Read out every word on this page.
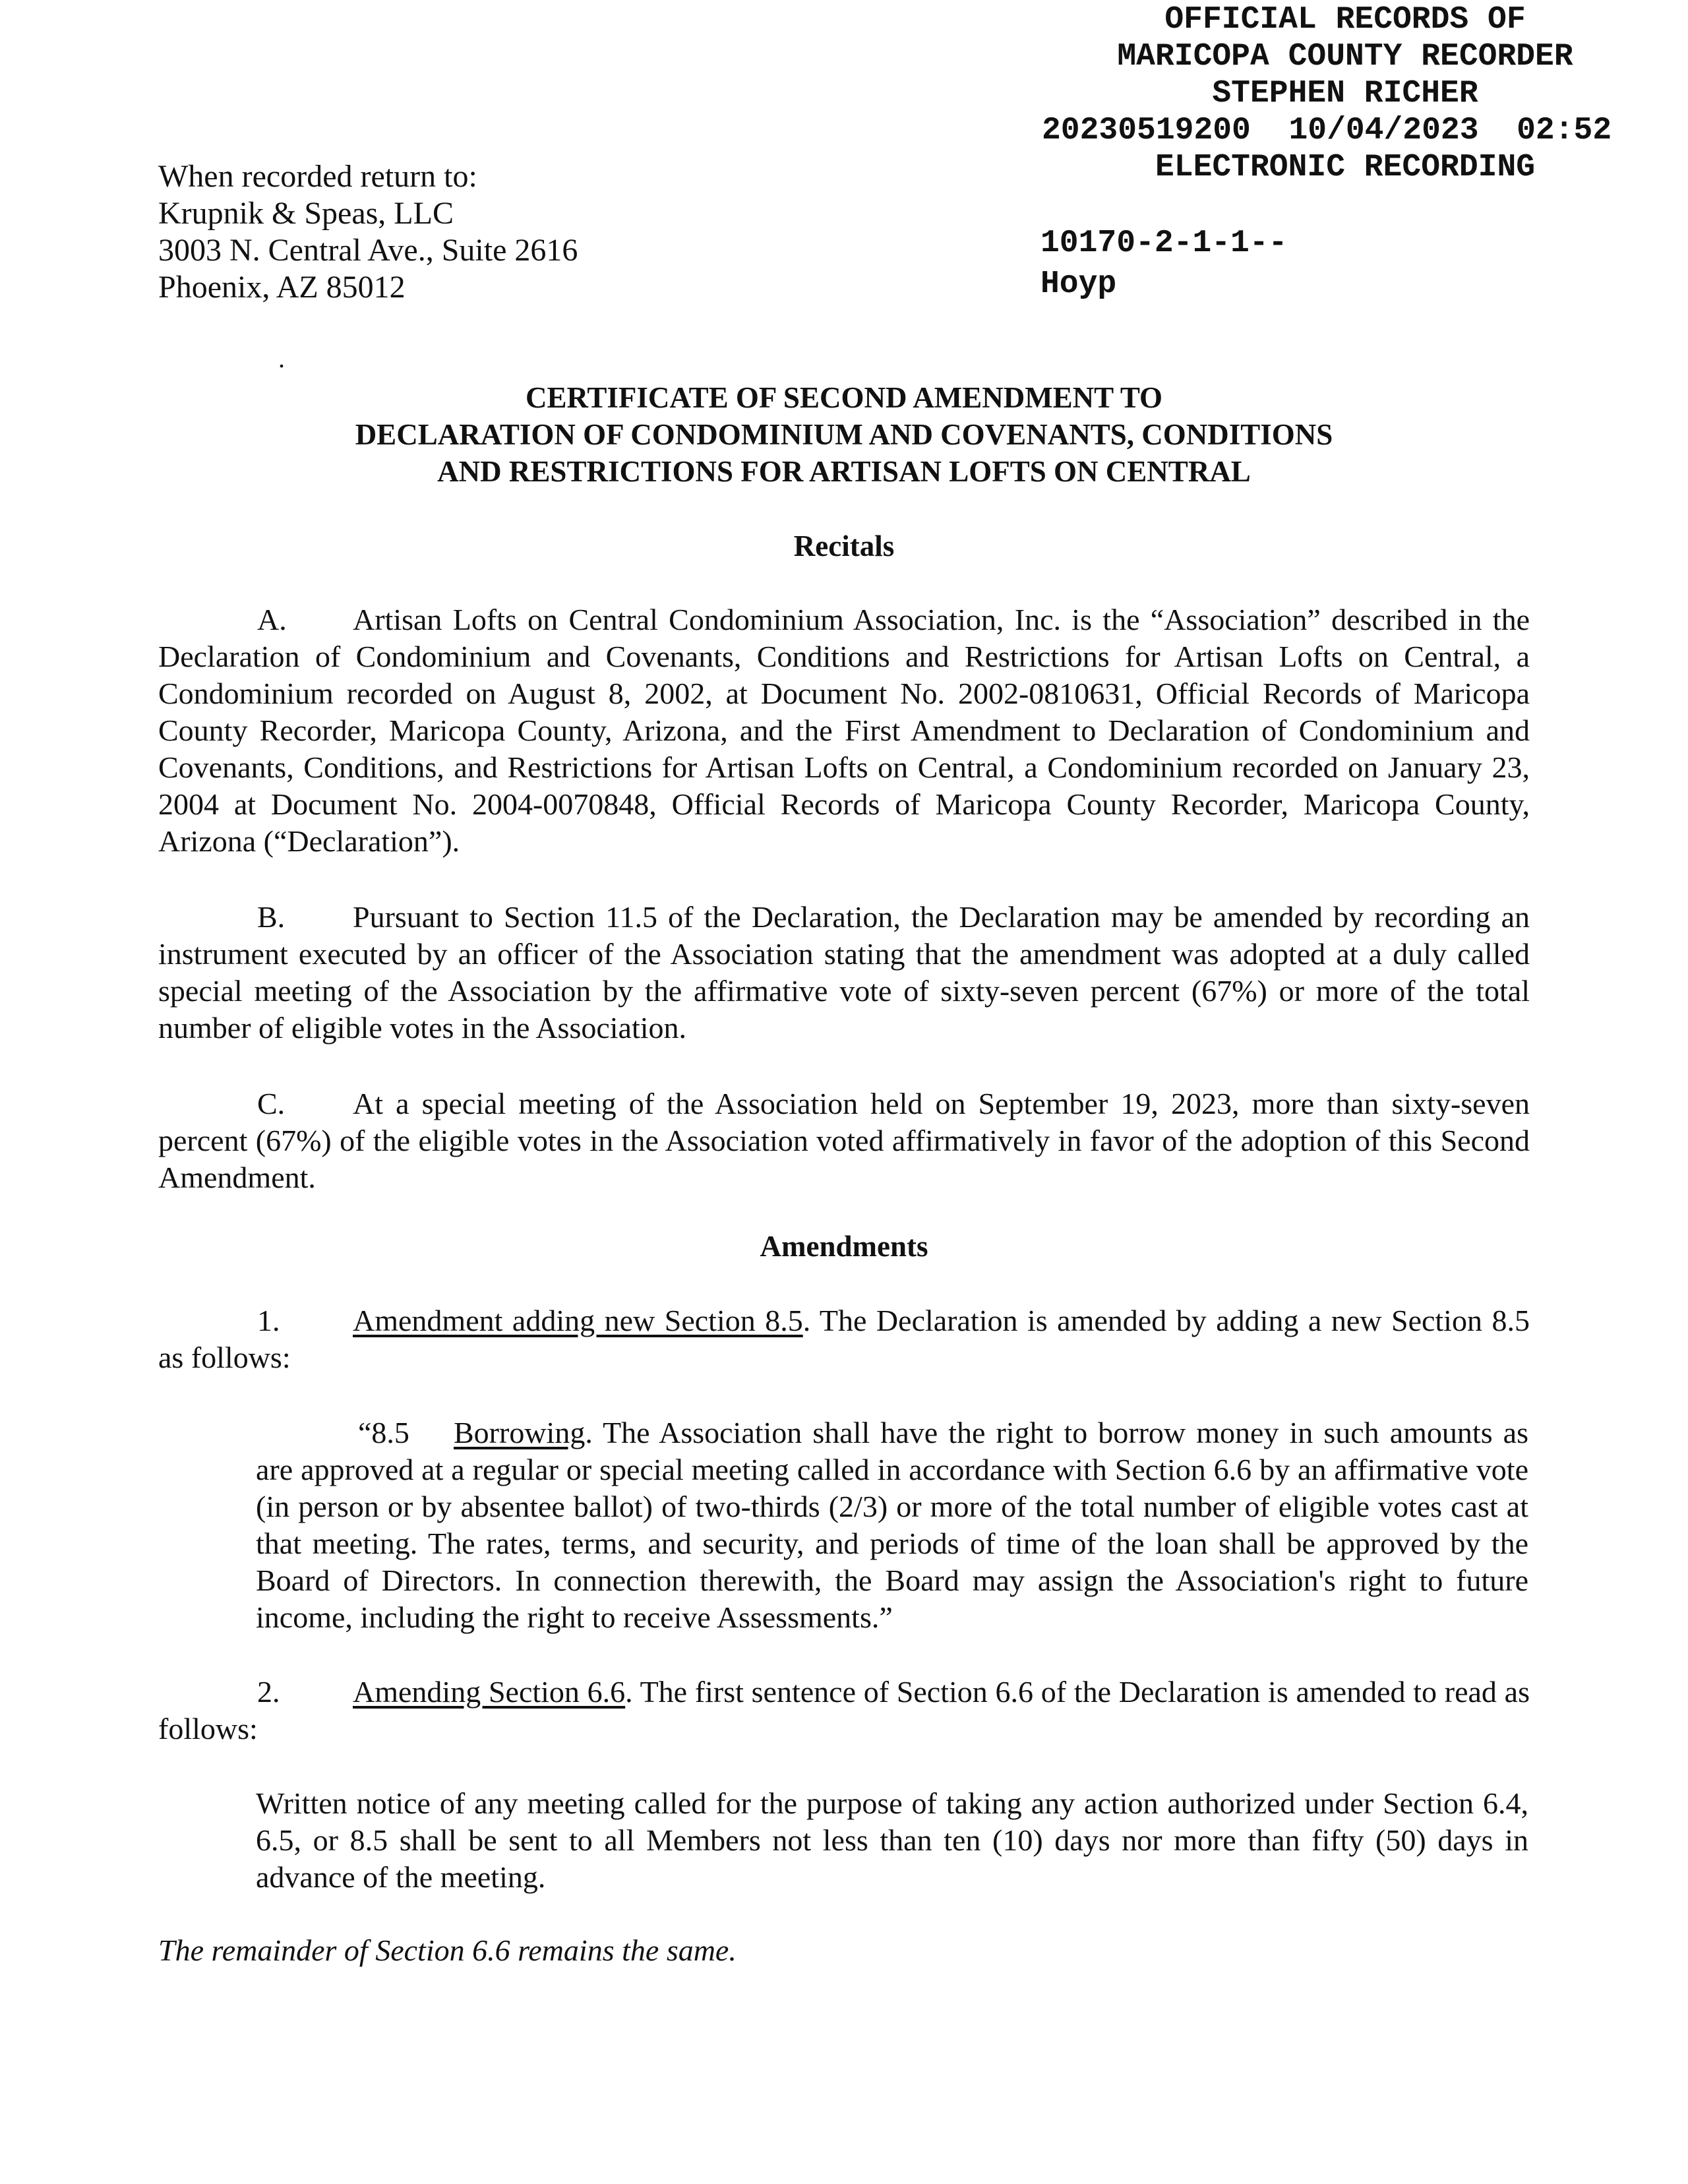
OFFICIAL RECORDS OF
MARICOPA COUNTY RECORDER
STEPHEN RICHER
20230519200  10/04/2023  02:52
ELECTRONIC RECORDING
10170-2-1-1--
Hoyp
When recorded return to:
Krupnik & Speas, LLC
3003 N. Central Ave., Suite 2616
Phoenix, AZ 85012
.
CERTIFICATE OF SECOND AMENDMENT TO
DECLARATION OF CONDOMINIUM AND COVENANTS, CONDITIONS
AND RESTRICTIONS FOR ARTISAN LOFTS ON CENTRAL
Recitals
A. Artisan Lofts on Central Condominium Association, Inc. is the “Association” described in the Declaration of Condominium and Covenants, Conditions and Restrictions for Artisan Lofts on Central, a Condominium recorded on August 8, 2002, at Document No. 2002-0810631, Official Records of Maricopa County Recorder, Maricopa County, Arizona, and the First Amendment to Declaration of Condominium and Covenants, Conditions, and Restrictions for Artisan Lofts on Central, a Condominium recorded on January 23, 2004 at Document No. 2004-0070848, Official Records of Maricopa County Recorder, Maricopa County, Arizona (“Declaration”).
B. Pursuant to Section 11.5 of the Declaration, the Declaration may be amended by recording an instrument executed by an officer of the Association stating that the amendment was adopted at a duly called special meeting of the Association by the affirmative vote of sixty-seven percent (67%) or more of the total number of eligible votes in the Association.
C. At a special meeting of the Association held on September 19, 2023, more than sixty-seven percent (67%) of the eligible votes in the Association voted affirmatively in favor of the adoption of this Second Amendment.
Amendments
1. Amendment adding new Section 8.5. The Declaration is amended by adding a new Section 8.5 as follows:
“8.5 Borrowing. The Association shall have the right to borrow money in such amounts as are approved at a regular or special meeting called in accordance with Section 6.6 by an affirmative vote (in person or by absentee ballot) of two-thirds (2/3) or more of the total number of eligible votes cast at that meeting. The rates, terms, and security, and periods of time of the loan shall be approved by the Board of Directors. In connection therewith, the Board may assign the Association's right to future income, including the right to receive Assessments.”
2. Amending Section 6.6. The first sentence of Section 6.6 of the Declaration is amended to read as follows:
Written notice of any meeting called for the purpose of taking any action authorized under Section 6.4, 6.5, or 8.5 shall be sent to all Members not less than ten (10) days nor more than fifty (50) days in advance of the meeting.
The remainder of Section 6.6 remains the same.
